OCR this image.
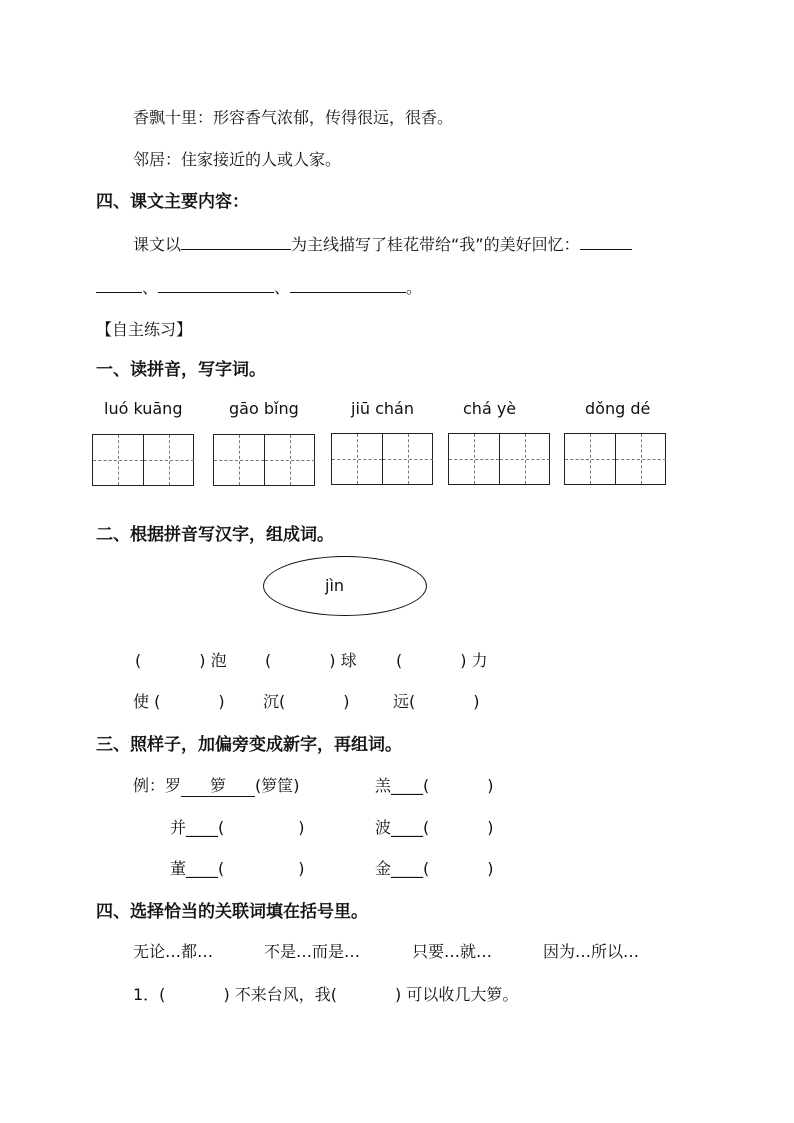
香飘十里：形容香气浓郁，传得很远，很香。
邻居：住家接近的人或人家。
四、课文主要内容：
课文以	为主线描写了桂花带给“我”的美好回忆：
、	、	。
【自主练习】
一、读拼音，写字词。
luó kuāng	gāo bǐng	jiū chán	chá yè	dǒng dé
二、根据拼音写汉字，组成词。
jìn
(	) 泡 (	) 球 (	) 力
使 (	) 沉(	)	远(	)
三、照样子，加偏旁变成新字，再组词。
例：罗 箩 (箩筐)	羔____(	)
并____(	)	波____(	)
董____(	)	金____(	)
四、选择恰当的关联词填在括号里。
无论…都…	不是…而是…	只要…就…	因为…所以…
1．(	) 不来台风，我(	) 可以收几大箩。
